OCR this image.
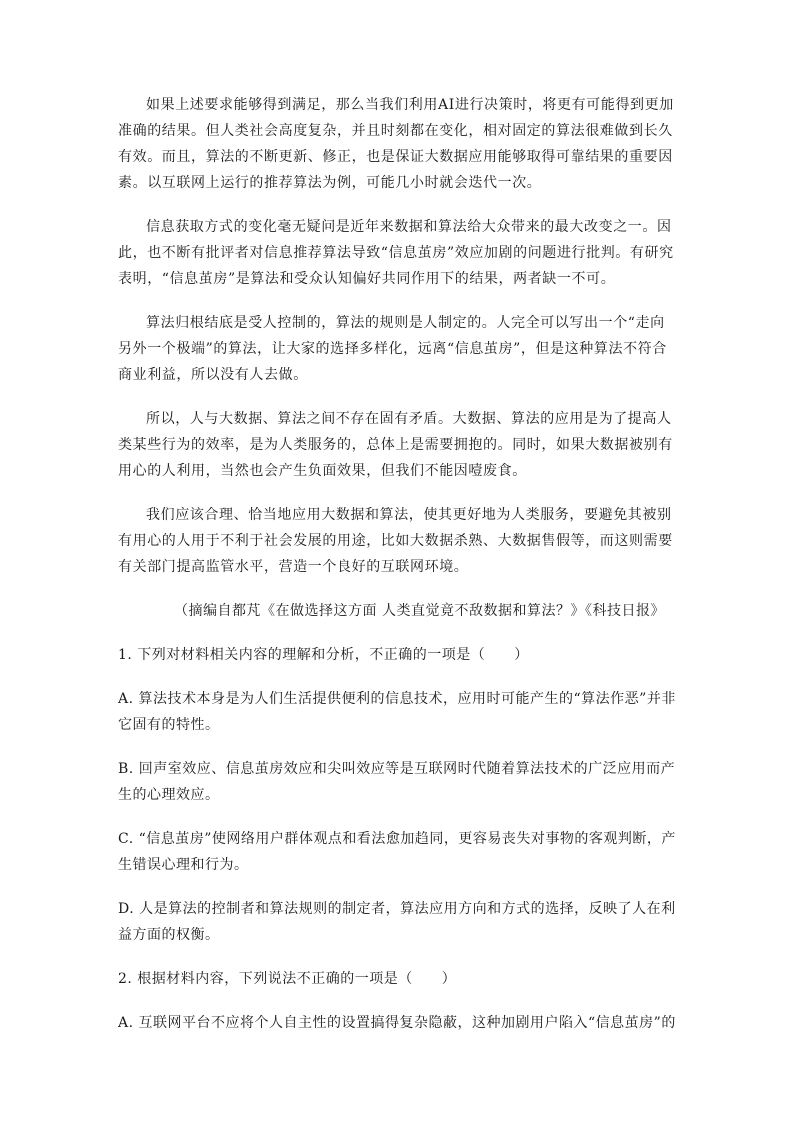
如果上述要求能够得到满足，那么当我们利用AI进行决策时，将更有可能得到更加准确的结果。但人类社会高度复杂，并且时刻都在变化，相对固定的算法很难做到长久有效。而且，算法的不断更新、修正，也是保证大数据应用能够取得可靠结果的重要因素。以互联网上运行的推荐算法为例，可能几小时就会迭代一次。

信息获取方式的变化毫无疑问是近年来数据和算法给大众带来的最大改变之一。因此，也不断有批评者对信息推荐算法导致“信息茧房”效应加剧的问题进行批判。有研究表明，“信息茧房”是算法和受众认知偏好共同作用下的结果，两者缺一不可。

算法归根结底是受人控制的，算法的规则是人制定的。人完全可以写出一个“走向另外一个极端”的算法，让大家的选择多样化，远离“信息茧房”，但是这种算法不符合商业利益，所以没有人去做。

所以，人与大数据、算法之间不存在固有矛盾。大数据、算法的应用是为了提高人类某些行为的效率，是为人类服务的，总体上是需要拥抱的。同时，如果大数据被别有用心的人利用，当然也会产生负面效果，但我们不能因噎废食。

我们应该合理、恰当地应用大数据和算法，使其更好地为人类服务，要避免其被别有用心的人用于不利于社会发展的用途，比如大数据杀熟、大数据售假等，而这则需要有关部门提高监管水平，营造一个良好的互联网环境。

（摘编自都芃《在做选择这方面 人类直觉竟不敌数据和算法？》《科技日报》

1. 下列对材料相关内容的理解和分析，不正确的一项是（　　）

A. 算法技术本身是为人们生活提供便利的信息技术，应用时可能产生的“算法作恶”并非它固有的特性。

B. 回声室效应、信息茧房效应和尖叫效应等是互联网时代随着算法技术的广泛应用而产生的心理效应。

C. “信息茧房”使网络用户群体观点和看法愈加趋同，更容易丧失对事物的客观判断，产生错误心理和行为。

D. 人是算法的控制者和算法规则的制定者，算法应用方向和方式的选择，反映了人在利益方面的权衡。

2. 根据材料内容，下列说法不正确的一项是（　　）

A. 互联网平台不应将个人自主性的设置搞得复杂隐蔽，这种加剧用户陷入“信息茧房”的
